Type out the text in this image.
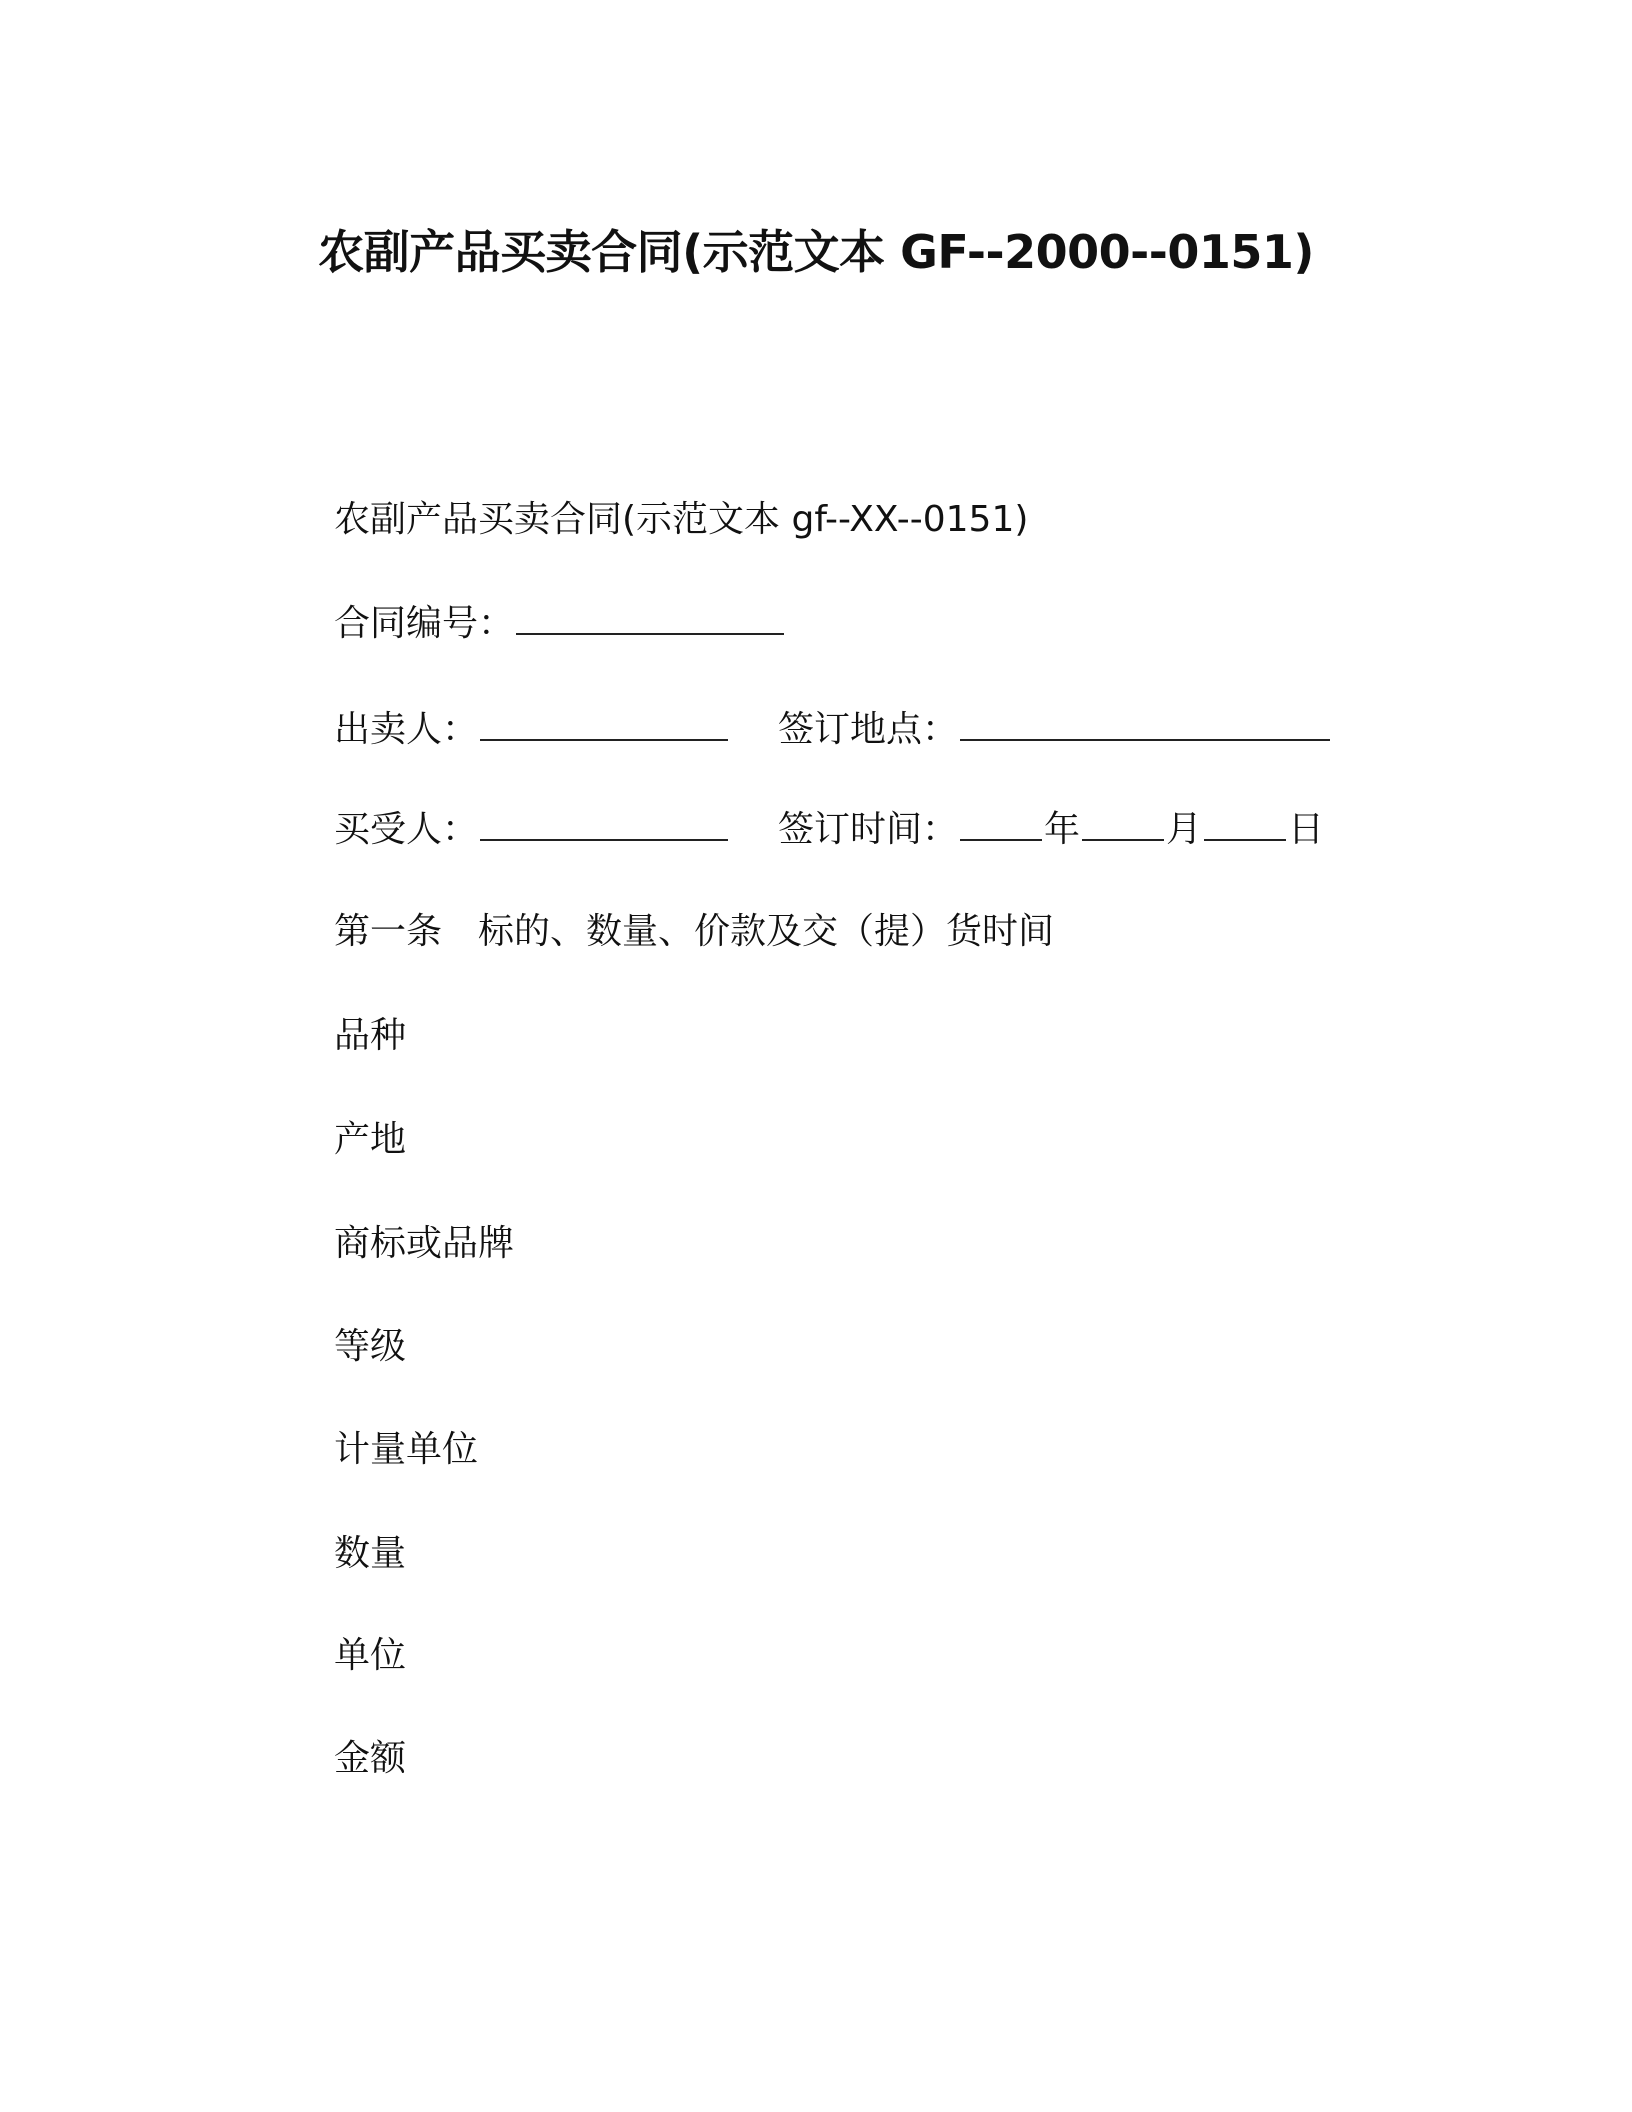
农副产品买卖合同(示范文本 GF--2000--0151)
农副产品买卖合同(示范文本 gf--XX--0151)
合同编号：
出卖人：	签订地点：
买受人：	签订时间： 年 月 日
第一条 标的、数量、价款及交（提）货时间
品种
产地
商标或品牌
等级
计量单位
数量
单位
金额
